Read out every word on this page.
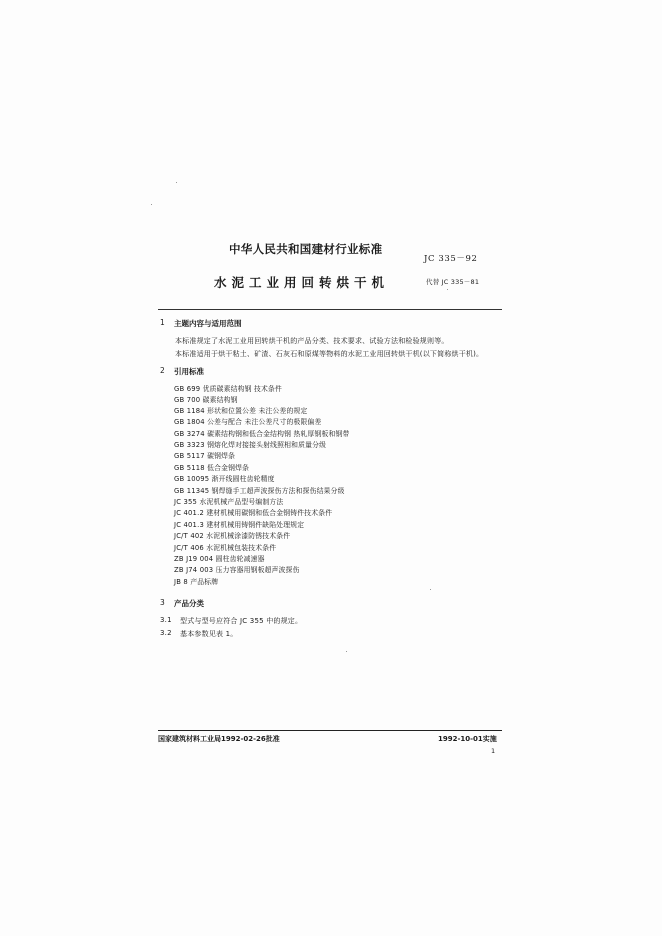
中华人民共和国建材行业标准
JC 335－92
水泥工业用回转烘干机	代替 JC 335－81
1 主题内容与适用范围
本标准规定了水泥工业用回转烘干机的产品分类、技术要求、试验方法和检验规则等。
本标准适用于烘干粘土、矿渣、石灰石和原煤等物料的水泥工业用回转烘干机(以下简称烘干机)。
2 引用标准
GB 699 优质碳素结构钢 技术条件
GB 700 碳素结构钢
GB 1184 形状和位置公差 未注公差的规定
GB 1804 公差与配合 未注公差尺寸的极限偏差
GB 3274 碳素结构钢和低合金结构钢 热轧厚钢板和钢带
GB 3323 钢熔化焊对接接头射线照相和质量分级
GB 5117 碳钢焊条
GB 5118 低合金钢焊条
GB 10095 渐开线圆柱齿轮精度
GB 11345 钢焊缝手工超声波探伤方法和探伤结果分级
JC 355 水泥机械产品型号编制方法
JC 401.2 建材机械用碳钢和低合金钢铸件技术条件
JC 401.3 建材机械用铸钢件缺陷处理规定
JC/T 402 水泥机械涂漆防锈技术条件
JC/T 406 水泥机械包装技术条件
ZB J19 004 圆柱齿轮减速器
ZB J74 003 压力容器用钢板超声波探伤
JB 8 产品标牌
3 产品分类
3.1 型式与型号应符合 JC 355 中的规定。
3.2 基本参数见表 1。
国家建筑材料工业局1992-02-26批准	1992-10-01实施
1
